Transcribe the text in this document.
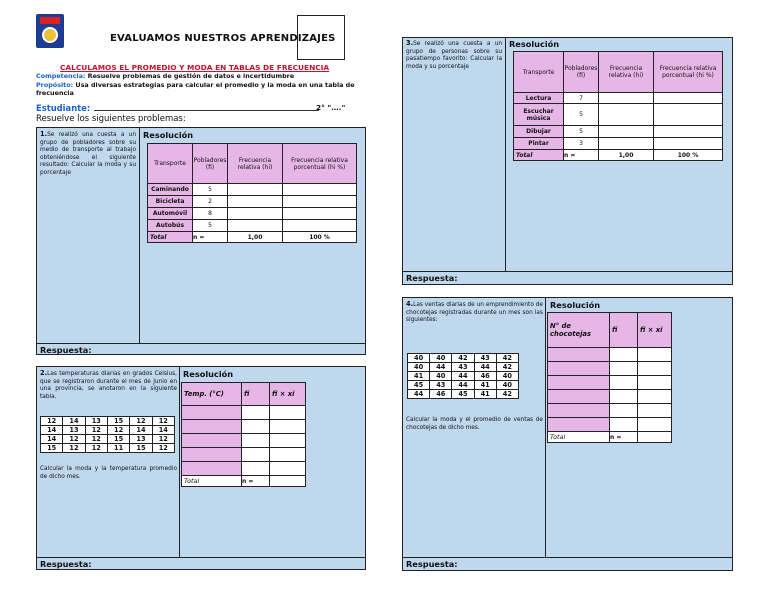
EVALUAMOS NUESTROS APRENDIZAJES
CALCULAMOS EL PROMEDIO Y MODA EN TABLAS DE FRECUENCIA
Competencia: Resuelve problemas de gestión de datos e incertidumbre
Propósito: Usa diversas estrategias para calcular el promedio y la moda en una tabla de frecuencia
Estudiante:	2° "…."
Resuelve los siguientes problemas:
Respuesta:
1.Se realizó una cuesta a un grupo de pobladores sobre su medio de transporte al trabajo obteniéndose el siguiente resultado: Calcular la moda y su porcentaje
Resolución
Transporte	Pobladores (fi)	Frecuencia relativa (hi)	Frecuencia relativa porcentual (hi %)
Caminando	5		
Bicicleta	2		
Automóvil	8		
Autobús	5		
Total	n =	1,00	100 %
Respuesta:
2.Las temperaturas diarias en grados Celsius, que se registraron durante el mes de Junio en una provincia, se anotaron en la siguiente tabla.
12	14	13	15	12	12
14	13	12	12	14	14
14	12	12	15	13	12
15	12	12	11	15	12
Calcular la moda y la temperatura promedio de dicho mes.
Resolución
Temp. (°C)	fi	fi × xi

Total	n =	
Respuesta:
3.Se realizó una cuesta a un grupo de personas sobre su pasatiempo favorito: Calcular la moda y su porcentaje
Resolución
Transporte	Pobladores (fi)	Frecuencia relativa (hi)	Frecuencia relativa porcentual (hi %)
Lectura	7		
Escuchar música	5		
Dibujar	5		
Pintar	3		
Total	n =	1,00	100 %
Respuesta:
4.Las ventas diarias de un emprendimiento de chocotejas registradas durante un mes son las siguientes:
40	40	42	43	42
40	44	43	44	42
41	40	44	46	40
45	43	44	41	40
44	46	45	41	42
Calcular la moda y el promedio de ventas de chocotejas de dicho mes.
Resolución
N° de chocotejas	fi	fi × xi

Total	n =	
